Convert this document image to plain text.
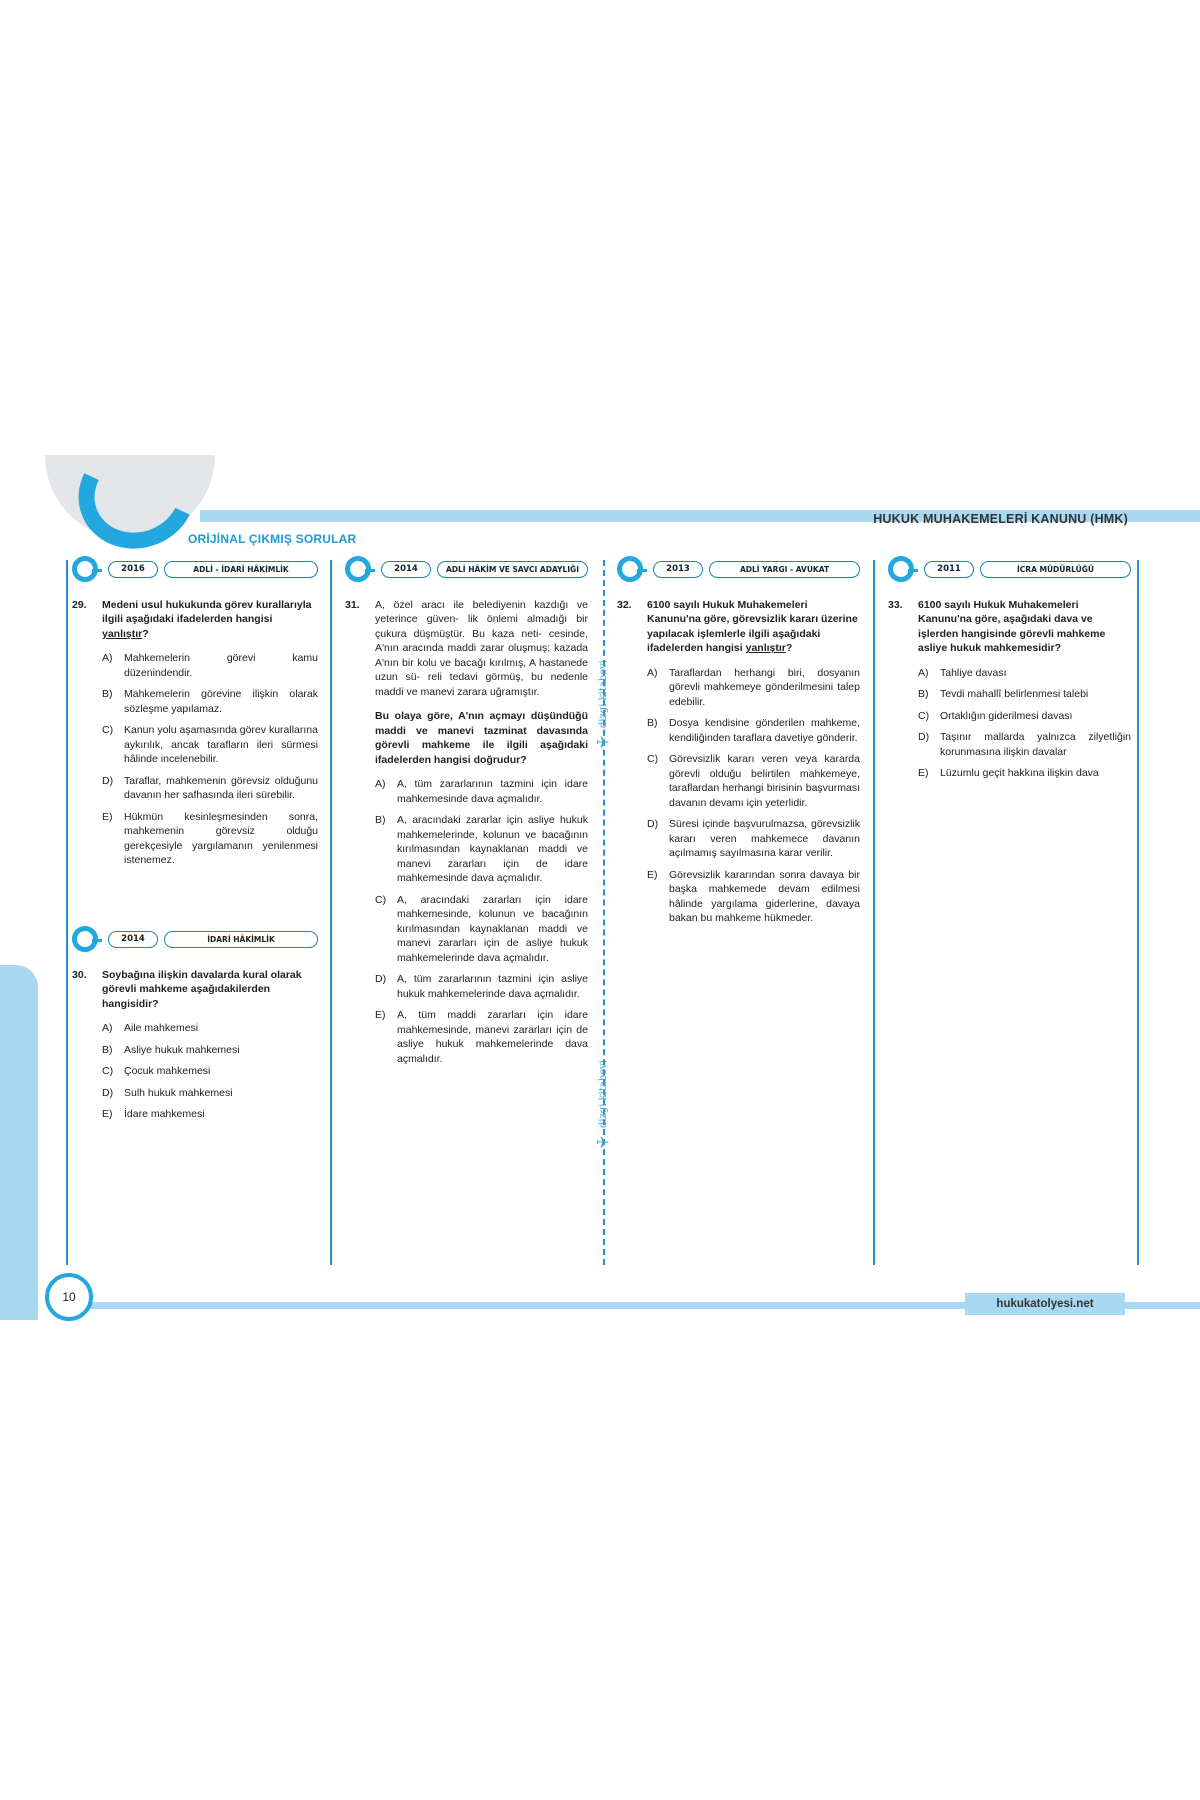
HUKUK MUHAKEMELERİ KANUNU (HMK)
ORİJİNAL ÇIKMIŞ SORULAR
dizgi kitabevi
dizgi kitabevi
✈
✈
2016	ADLİ - İDARİ HÂKİMLİK
29. Medeni usul hukukunda görev kurallarıyla ilgili aşağıdaki ifadelerden hangisi yanlıştır?
A) Mahkemelerin görevi kamu düzenindendir.
B) Mahkemelerin görevine ilişkin olarak sözleşme yapılamaz.
C) Kanun yolu aşamasında görev kurallarına aykırılık, ancak tarafların ileri sürmesi hâlinde incelenebilir.
D) Taraflar, mahkemenin görevsiz olduğunu davanın her safhasında ileri sürebilir.
E) Hükmün kesinleşmesinden sonra, mahkemenin görevsiz olduğu gerekçesiyle yargılamanın yenilenmesi istenemez.
2014	İDARİ HÂKİMLİK
30. Soybağına ilişkin davalarda kural olarak görevli mahkeme aşağıdakilerden hangisidir?
A) Aile mahkemesi
B) Asliye hukuk mahkemesi
C) Çocuk mahkemesi
D) Sulh hukuk mahkemesi
E) İdare mahkemesi
2014	ADLİ HÂKİM VE SAVCI ADAYLIĞI
31. A, özel aracı ile belediyenin kazdığı ve yeterince güven- lik önlemi almadığı bir çukura düşmüştür. Bu kaza neti- cesinde, A'nın aracında maddi zarar oluşmuş; kazada A'nın bir kolu ve bacağı kırılmış, A hastanede uzun sü- reli tedavi görmüş, bu nedenle maddi ve manevi zarara uğramıştır.
Bu olaya göre, A'nın açmayı düşündüğü maddi ve manevi tazminat davasında görevli mahkeme ile ilgili aşağıdaki ifadelerden hangisi doğrudur?
A) A, tüm zararlarının tazmini için idare mahkemesinde dava açmalıdır.
B) A, aracındaki zararlar için asliye hukuk mahkemelerinde, kolunun ve bacağının kırılmasından kaynaklanan maddi ve manevi zararları için de idare mahkemesinde dava açmalıdır.
C) A, aracındaki zararları için idare mahkemesinde, kolunun ve bacağının kırılmasından kaynaklanan maddi ve manevi zararları için de asliye hukuk mahkemelerinde dava açmalıdır.
D) A, tüm zararlarının tazmini için asliye hukuk mahkemelerinde dava açmalıdır.
E) A, tüm maddi zararları için idare mahkemesinde, manevi zararları için de asliye hukuk mahkemelerinde dava açmalıdır.
2013	ADLİ YARGI - AVUKAT
32. 6100 sayılı Hukuk Muhakemeleri Kanunu'na göre, görevsizlik kararı üzerine yapılacak işlemlerle ilgili aşağıdaki ifadelerden hangisi yanlıştır?
A) Taraflardan herhangi biri, dosyanın görevli mahkemeye gönderilmesini talep edebilir.
B) Dosya kendisine gönderilen mahkeme, kendiliğinden taraflara davetiye gönderir.
C) Görevsizlik kararı veren veya kararda görevli olduğu belirtilen mahkemeye, taraflardan herhangi birisinin başvurması davanın devamı için yeterlidir.
D) Süresi içinde başvurulmazsa, görevsizlik kararı veren mahkemece davanın açılmamış sayılmasına karar verilir.
E) Görevsizlik kararından sonra davaya bir başka mahkemede devam edilmesi hâlinde yargılama giderlerine, davaya bakan bu mahkeme hükmeder.
2011	İCRA MÜDÜRLÜĞÜ
33. 6100 sayılı Hukuk Muhakemeleri Kanunu'na göre, aşağıdaki dava ve işlerden hangisinde görevli mahkeme asliye hukuk mahkemesidir?
A) Tahliye davası
B) Tevdi mahallî belirlenmesi talebi
C) Ortaklığın giderilmesi davası
D) Taşınır mallarda yalnızca zilyetliğin korunmasına ilişkin davalar
E) Lüzumlu geçit hakkına ilişkin dava
10	hukukatolyesi.net
